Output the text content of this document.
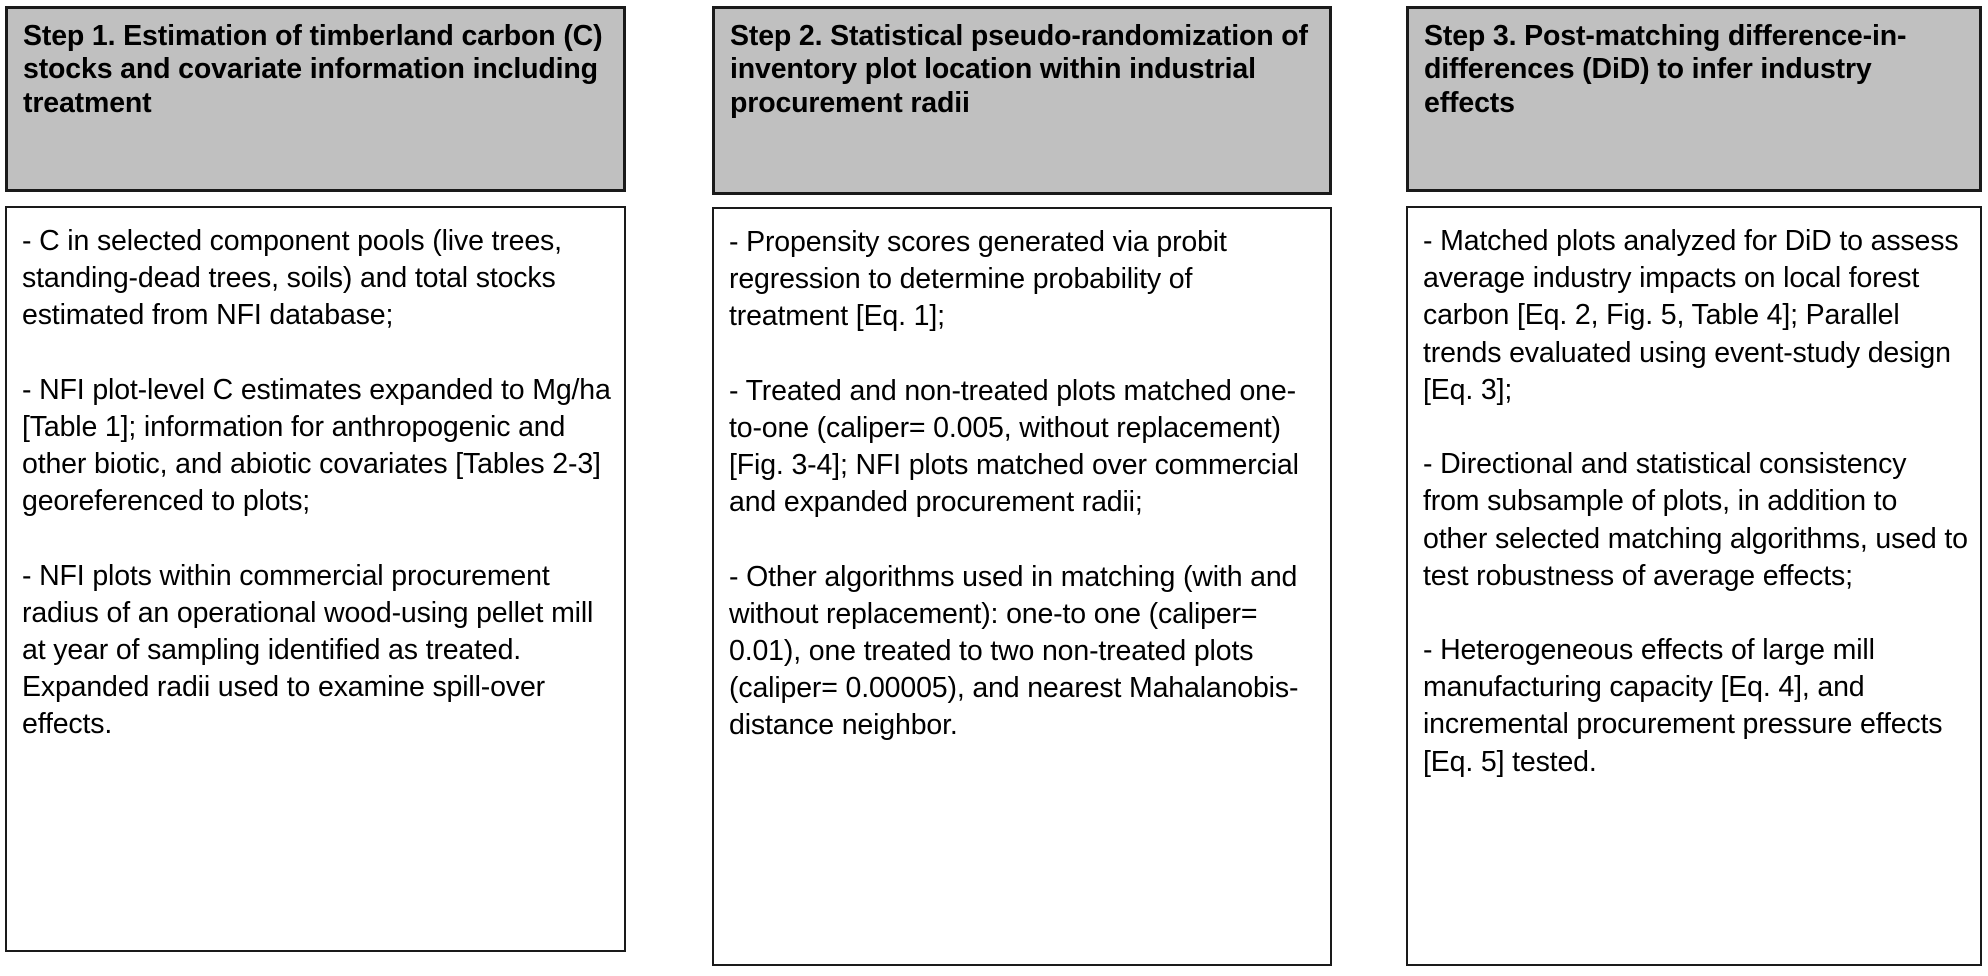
Step 1. Estimation of timberland carbon (C) stocks and covariate information including treatment

- C in selected component pools (live trees, standing-dead trees, soils) and total stocks estimated from NFI database;

- NFI plot-level C estimates expanded to Mg/ha [Table 1]; information for anthropogenic and other biotic, and abiotic covariates [Tables 2-3] georeferenced to plots;

- NFI plots within commercial procurement radius of an operational wood-using pellet mill at year of sampling identified as treated. Expanded radii used to examine spill-over effects.

Step 2. Statistical pseudo-randomization of inventory plot location within industrial procurement radii

- Propensity scores generated via probit regression to determine probability of treatment [Eq. 1];

- Treated and non-treated plots matched one-to-one (caliper= 0.005, without replacement) [Fig. 3-4]; NFI plots matched over commercial and expanded procurement radii;

- Other algorithms used in matching (with and without replacement): one-to one (caliper= 0.01), one treated to two non-treated plots (caliper= 0.00005), and nearest Mahalanobis-distance neighbor.

Step 3. Post-matching difference-in-differences (DiD) to infer industry effects

- Matched plots analyzed for DiD to assess average industry impacts on local forest carbon [Eq. 2, Fig. 5, Table 4]; Parallel trends evaluated using event-study design [Eq. 3];

- Directional and statistical consistency from subsample of plots, in addition to other selected matching algorithms, used to test robustness of average effects;

- Heterogeneous effects of large mill manufacturing capacity [Eq. 4], and incremental procurement pressure effects [Eq. 5] tested.
